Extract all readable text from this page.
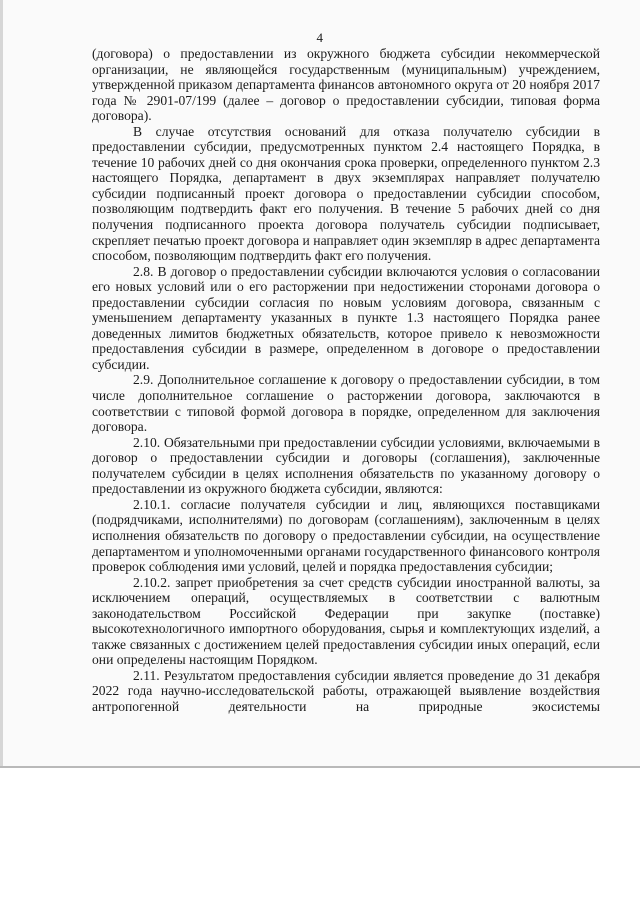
4

(договора) о предоставлении из окружного бюджета субсидии некоммерческой организации, не являющейся государственным (муниципальным) учреждением, утвержденной приказом департамента финансов автономного округа от 20 ноября 2017 года № 2901-07/199 (далее – договор о предоставлении субсидии, типовая форма договора).

В случае отсутствия оснований для отказа получателю субсидии в предоставлении субсидии, предусмотренных пунктом 2.4 настоящего Порядка, в течение 10 рабочих дней со дня окончания срока проверки, определенного пунктом 2.3 настоящего Порядка, департамент в двух экземплярах направляет получателю субсидии подписанный проект договора о предоставлении субсидии способом, позволяющим подтвердить факт его получения. В течение 5 рабочих дней со дня получения подписанного проекта договора получатель субсидии подписывает, скрепляет печатью проект договора и направляет один экземпляр в адрес департамента способом, позволяющим подтвердить факт его получения.

2.8. В договор о предоставлении субсидии включаются условия о согласовании его новых условий или о его расторжении при недостижении сторонами договора о предоставлении субсидии согласия по новым условиям договора, связанным с уменьшением департаменту указанных в пункте 1.3 настоящего Порядка ранее доведенных лимитов бюджетных обязательств, которое привело к невозможности предоставления субсидии в размере, определенном в договоре о предоставлении субсидии.

2.9. Дополнительное соглашение к договору о предоставлении субсидии, в том числе дополнительное соглашение о расторжении договора, заключаются в соответствии с типовой формой договора в порядке, определенном для заключения договора.

2.10. Обязательными при предоставлении субсидии условиями, включаемыми в договор о предоставлении субсидии и договоры (соглашения), заключенные получателем субсидии в целях исполнения обязательств по указанному договору о предоставлении из окружного бюджета субсидии, являются:

2.10.1. согласие получателя субсидии и лиц, являющихся поставщиками (подрядчиками, исполнителями) по договорам (соглашениям), заключенным в целях исполнения обязательств по договору о предоставлении субсидии, на осуществление департаментом и уполномоченными органами государственного финансового контроля проверок соблюдения ими условий, целей и порядка предоставления субсидии;

2.10.2. запрет приобретения за счет средств субсидии иностранной валюты, за исключением операций, осуществляемых в соответствии с валютным законодательством Российской Федерации при закупке (поставке) высокотехнологичного импортного оборудования, сырья и комплектующих изделий, а также связанных с достижением целей предоставления субсидии иных операций, если они определены настоящим Порядком.

2.11. Результатом предоставления субсидии является проведение до 31 декабря 2022 года научно-исследовательской работы, отражающей выявление воздействия антропогенной деятельности на природные экосистемы
